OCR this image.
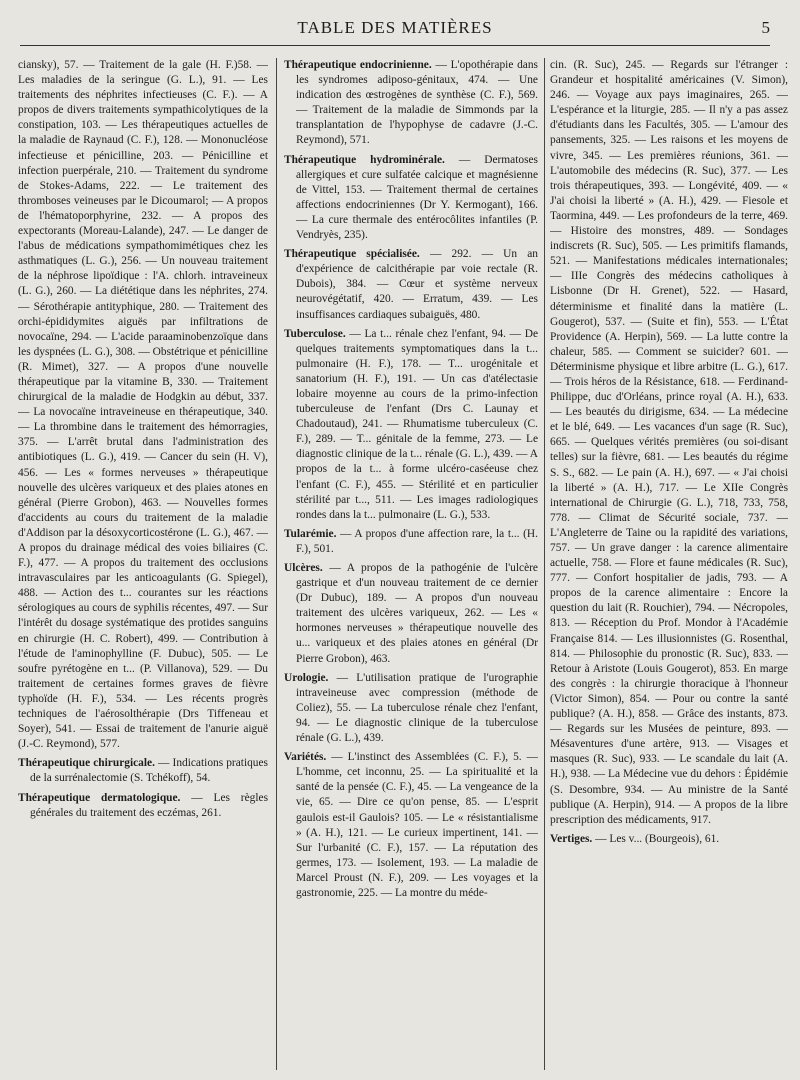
TABLE DES MATIÈRES	5

ciansky), 57. — Traitement de la gale (H. F.)58. — Les maladies de la seringue (G. L.), 91. — Les traitements des néphrites infectieuses (C. F.). — A propos de divers traitements sympathicolytiques de la constipation, 103. — Les thérapeutiques actuelles de la maladie de Raynaud (C. F.), 128. — Mononucléose infectieuse et pénicilline, 203. — Pénicilline et infection puerpérale, 210. — Traitement du syndrome de Stokes-Adams, 222. — Le traitement des thromboses veineuses par le Dicoumarol; — A propos de l'hématoporphyrine, 232. — A propos des expectorants (Moreau-Lalande), 247. — Le danger de l'abus de médications sympathomimétiques chez les asthmatiques (L. G.), 256. — Un nouveau traitement de la néphrose lipoïdique : l'A. chlorh. intraveineux (L. G.), 260. — La diététique dans les néphrites, 274. — Sérothérapie antityphique, 280. — Traitement des orchi-épididymites aiguës par infiltrations de novocaïne, 294. — L'acide paraaminobenzoïque dans les dyspnées (L. G.), 308. — Obstétrique et pénicilline (R. Mimet), 327. — A propos d'une nouvelle thérapeutique par la vitamine B, 330. — Traitement chirurgical de la maladie de Hodgkin au début, 337. — La novocaïne intraveineuse en thérapeutique, 340. — La thrombine dans le traitement des hémorragies, 375. — L'arrêt brutal dans l'administration des antibiotiques (L. G.), 419. — Cancer du sein (H. V), 456. — Les « formes nerveuses » thérapeutique nouvelle des ulcères variqueux et des plaies atones en général (Pierre Grobon), 463. — Nouvelles formes d'accidents au cours du traitement de la maladie d'Addison par la désoxycorticostérone (L. G.), 467. — A propos du drainage médical des voies biliaires (C. F.), 477. — A propos du traitement des occlusions intravasculaires par les anticoagulants (G. Spiegel), 488. — Action des t... courantes sur les réactions sérologiques au cours de syphilis récentes, 497. — Sur l'intérêt du dosage systématique des protides sanguins en chirurgie (H. C. Robert), 499. — Contribution à l'étude de l'aminophylline (F. Dubuc), 505. — Le soufre pyrétogène en t... (P. Villanova), 529. — Du traitement de certaines formes graves de fièvre typhoïde (H. F.), 534. — Les récents progrès techniques de l'aérosolthérapie (Drs Tiffeneau et Soyer), 541. — Essai de traitement de l'anurie aiguë (J.-C. Reymond), 577.

Thérapeutique chirurgicale. — Indications pratiques de la surrénalectomie (S. Tchékoff), 54.

Thérapeutique dermatologique. — Les règles générales du traitement des eczémas, 261.

Thérapeutique endocrinienne. — L'opothérapie dans les syndromes adiposo-génitaux, 474. — Une indication des œstrogènes de synthèse (C. F.), 569. — Traitement de la maladie de Simmonds par la transplantation de l'hypophyse de cadavre (J.-C. Reymond), 571.

Thérapeutique hydrominérale. — Dermatoses allergiques et cure sulfatée calcique et magnésienne de Vittel, 153. — Traitement thermal de certaines affections endocriniennes (Dr Y. Kermogant), 166. — La cure thermale des entérocôlites infantiles (P. Vendryès, 235).

Thérapeutique spécialisée. — 292. — Un an d'expérience de calcithérapie par voie rectale (R. Dubois), 384. — Cœur et système nerveux neurovégétatif, 420. — Erratum, 439. — Les insuffisances cardiaques subaiguës, 480.

Tuberculose. — La t... rénale chez l'enfant, 94. — De quelques traitements symptomatiques dans la t... pulmonaire (H. F.), 178. — T... urogénitale et sanatorium (H. F.), 191. — Un cas d'atélectasie lobaire moyenne au cours de la primo-infection tuberculeuse de l'enfant (Drs C. Launay et Chadoutaud), 241. — Rhumatisme tuberculeux (C. F.), 289. — T... génitale de la femme, 273. — Le diagnostic clinique de la t... rénale (G. L.), 439. — A propos de la t... à forme ulcéro-caséeuse chez l'enfant (C. F.), 455. — Stérilité et en particulier stérilité par t..., 511. — Les images radiologiques rondes dans la t... pulmonaire (L. G.), 533.

Tularémie. — A propos d'une affection rare, la t... (H. F.), 501.

Ulcères. — A propos de la pathogénie de l'ulcère gastrique et d'un nouveau traitement de ce dernier (Dr Dubuc), 189. — A propos d'un nouveau traitement des ulcères variqueux, 262. — Les « hormones nerveuses » thérapeutique nouvelle des u... variqueux et des plaies atones en général (Dr Pierre Grobon), 463.

Urologie. — L'utilisation pratique de l'urographie intraveineuse avec compression (méthode de Coliez), 55. — La tuberculose rénale chez l'enfant, 94. — Le diagnostic clinique de la tuberculose rénale (G. L.), 439.

Variétés. — L'instinct des Assemblées (C. F.), 5. — L'homme, cet inconnu, 25. — La spiritualité et la santé de la pensée (C. F.), 45. — La vengeance de la vie, 65. — Dire ce qu'on pense, 85. — L'esprit gaulois est-il Gaulois? 105. — Le « résistantialisme » (A. H.), 121. — Le curieux impertinent, 141. — Sur l'urbanité (C. F.), 157. — La réputation des germes, 173. — Isolement, 193. — La maladie de Marcel Proust (N. F.), 209. — Les voyages et la gastronomie, 225. — La montre du méde-

cin. (R. Suc), 245. — Regards sur l'étranger : Grandeur et hospitalité américaines (V. Simon), 246. — Voyage aux pays imaginaires, 265. — L'espérance et la liturgie, 285. — Il n'y a pas assez d'étudiants dans les Facultés, 305. — L'amour des pansements, 325. — Les raisons et les moyens de vivre, 345. — Les premières réunions, 361. — L'automobile des médecins (R. Suc), 377. — Les trois thérapeutiques, 393. — Longévité, 409. — « J'ai choisi la liberté » (A. H.), 429. — Fiesole et Taormina, 449. — Les profondeurs de la terre, 469. — Histoire des monstres, 489. — Sondages indiscrets (R. Suc), 505. — Les primitifs flamands, 521. — Manifestations médicales internationales; — IIIe Congrès des médecins catholiques à Lisbonne (Dr H. Grenet), 522. — Hasard, déterminisme et finalité dans la matière (L. Gougerot), 537. — (Suite et fin), 553. — L'État Providence (A. Herpin), 569. — La lutte contre la chaleur, 585. — Comment se suicider? 601. — Déterminisme physique et libre arbitre (L. G.), 617. — Trois héros de la Résistance, 618. — Ferdinand-Philippe, duc d'Orléans, prince royal (A. H.), 633. — Les beautés du dirigisme, 634. — La médecine et le blé, 649. — Les vacances d'un sage (R. Suc), 665. — Quelques vérités premières (ou soi-disant telles) sur la fièvre, 681. — Les beautés du régime S. S., 682. — Le pain (A. H.), 697. — « J'ai choisi la liberté » (A. H.), 717. — Le XIIe Congrès international de Chirurgie (G. L.), 718, 733, 758, 778. — Climat de Sécurité sociale, 737. — L'Angleterre de Taine ou la rapidité des variations, 757. — Un grave danger : la carence alimentaire actuelle, 758. — Flore et faune médicales (R. Suc), 777. — Confort hospitalier de jadis, 793. — A propos de la carence alimentaire : Encore la question du lait (R. Rouchier), 794. — Nécropoles, 813. — Réception du Prof. Mondor à l'Académie Française 814. — Les illusionnistes (G. Rosenthal, 814. — Philosophie du pronostic (R. Suc), 833. — Retour à Aristote (Louis Gougerot), 853. En marge des congrès : la chirurgie thoracique à l'honneur (Victor Simon), 854. — Pour ou contre la santé publique? (A. H.), 858. — Grâce des instants, 873. — Regards sur les Musées de peinture, 893. — Mésaventures d'une artère, 913. — Visages et masques (R. Suc), 933. — Le scandale du lait (A. H.), 938. — La Médecine vue du dehors : Épidémie (S. Desombre, 934. — Au ministre de la Santé publique (A. Herpin), 914. — A propos de la libre prescription des médicaments, 917.

Vertiges. — Les v... (Bourgeois), 61.
